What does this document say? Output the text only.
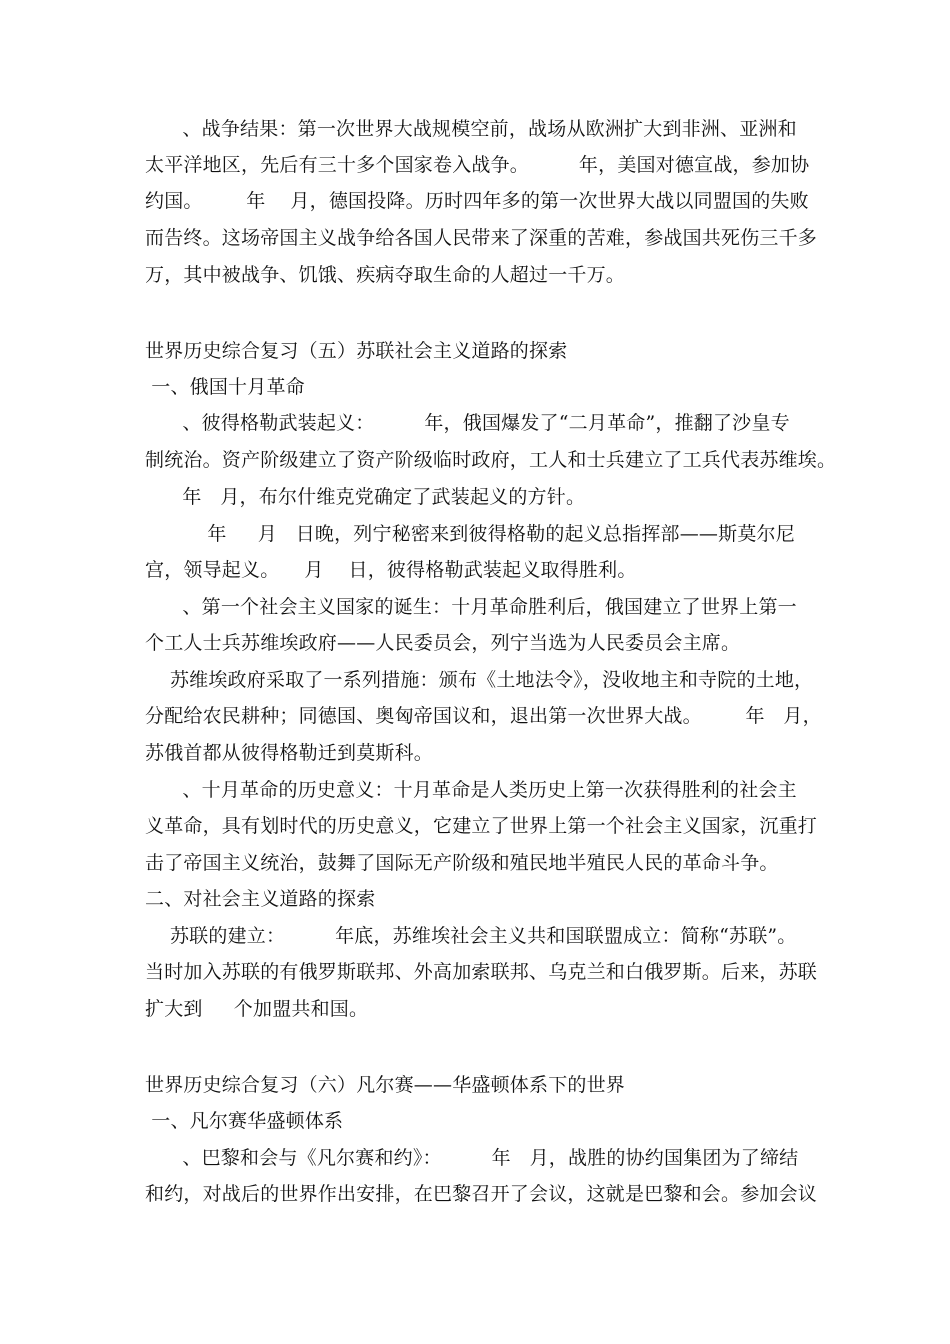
、战争结果：第一次世界大战规模空前，战场从欧洲扩大到非洲、亚洲和
太平洋地区，先后有三十多个国家卷入战争。        年，美国对德宣战，参加协
约国。       年    月，德国投降。历时四年多的第一次世界大战以同盟国的失败
而告终。这场帝国主义战争给各国人民带来了深重的苦难，参战国共死伤三千多
万，其中被战争、饥饿、疾病夺取生命的人超过一千万。
世界历史综合复习（五）苏联社会主义道路的探索
一、俄国十月革命
、彼得格勒武装起义：        年，俄国爆发了“二月革命”，推翻了沙皇专
制统治。资产阶级建立了资产阶级临时政府，工人和士兵建立了工兵代表苏维埃。
年   月，布尔什维克党确定了武装起义的方针。
年     月   日晚，列宁秘密来到彼得格勒的起义总指挥部——斯莫尔尼
宫，领导起义。    月    日，彼得格勒武装起义取得胜利。
、第一个社会主义国家的诞生：十月革命胜利后，俄国建立了世界上第一
个工人士兵苏维埃政府——人民委员会，列宁当选为人民委员会主席。
苏维埃政府采取了一系列措施：颁布《土地法令》，没收地主和寺院的土地，
分配给农民耕种；同德国、奥匈帝国议和，退出第一次世界大战。       年   月，
苏俄首都从彼得格勒迁到莫斯科。
、十月革命的历史意义：十月革命是人类历史上第一次获得胜利的社会主
义革命，具有划时代的历史意义，它建立了世界上第一个社会主义国家，沉重打
击了帝国主义统治，鼓舞了国际无产阶级和殖民地半殖民人民的革命斗争。
二、对社会主义道路的探索
苏联的建立：        年底，苏维埃社会主义共和国联盟成立：简称“苏联”。
当时加入苏联的有俄罗斯联邦、外高加索联邦、乌克兰和白俄罗斯。后来，苏联
扩大到     个加盟共和国。
世界历史综合复习（六）凡尔赛——华盛顿体系下的世界
一、凡尔赛华盛顿体系
、巴黎和会与《凡尔赛和约》：        年   月，战胜的协约国集团为了缔结
和约，对战后的世界作出安排，在巴黎召开了会议，这就是巴黎和会。参加会议
